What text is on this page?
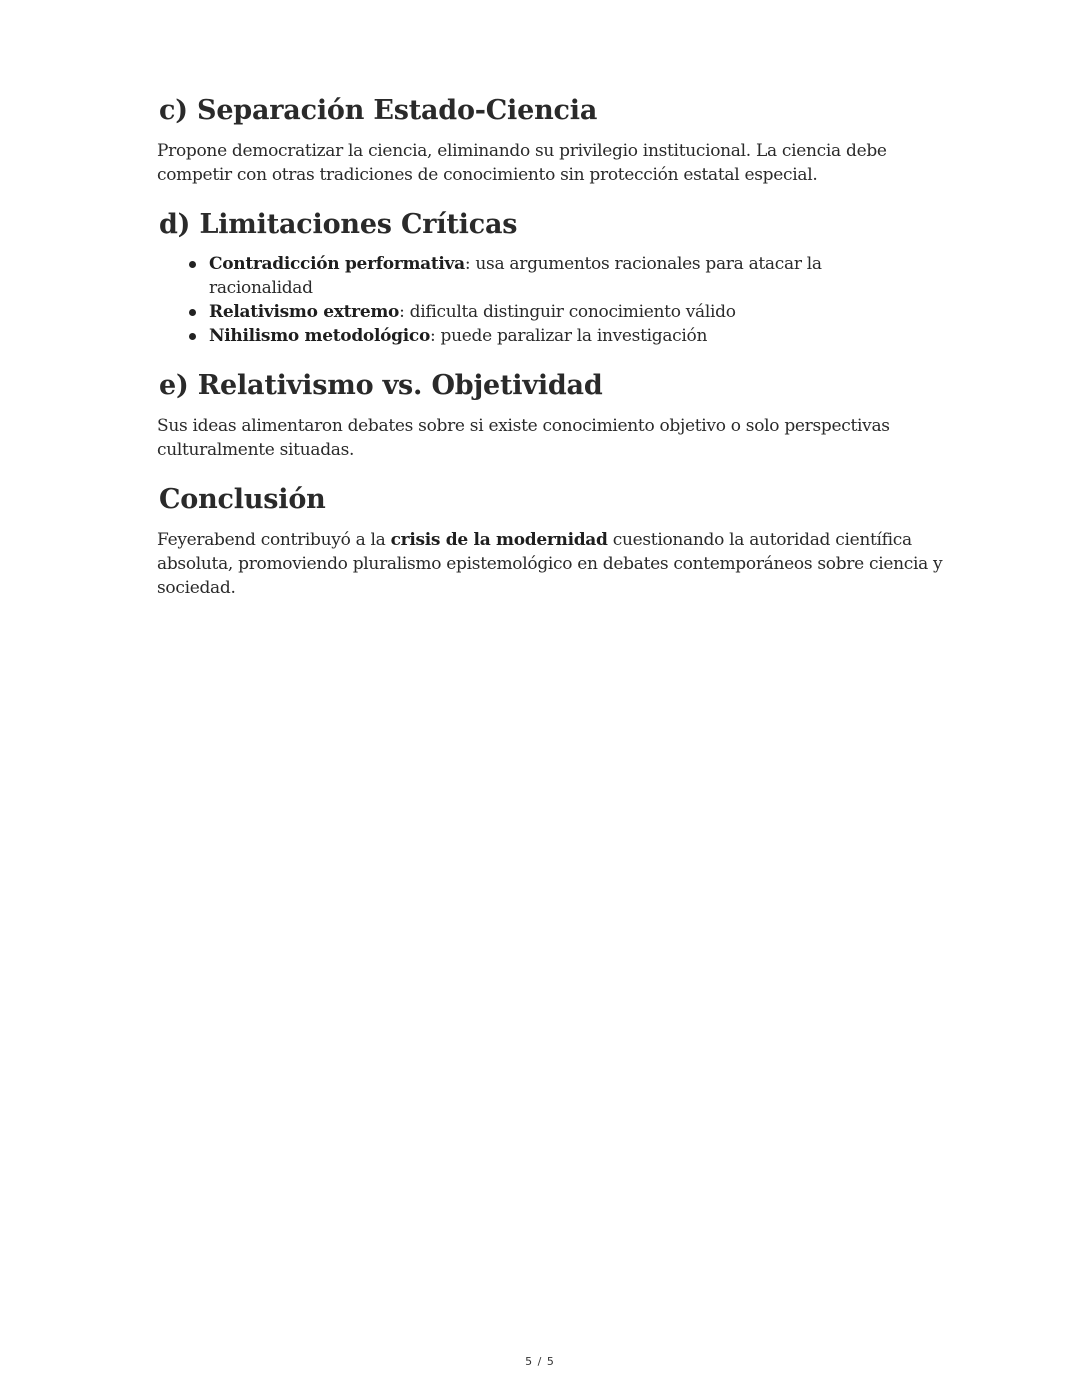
c) Separación Estado-Ciencia

Propone democratizar la ciencia, eliminando su privilegio institucional. La ciencia debe competir con otras tradiciones de conocimiento sin protección estatal especial.

d) Limitaciones Críticas
Contradicción performativa: usa argumentos racionales para atacar la racionalidad
Relativismo extremo: dificulta distinguir conocimiento válido
Nihilismo metodológico: puede paralizar la investigación
e) Relativismo vs. Objetividad

Sus ideas alimentaron debates sobre si existe conocimiento objetivo o solo perspectivas culturalmente situadas.

Conclusión

Feyerabend contribuyó a la crisis de la modernidad cuestionando la autoridad científica absoluta, promoviendo pluralismo epistemológico en debates contemporáneos sobre ciencia y sociedad.

5 / 5
